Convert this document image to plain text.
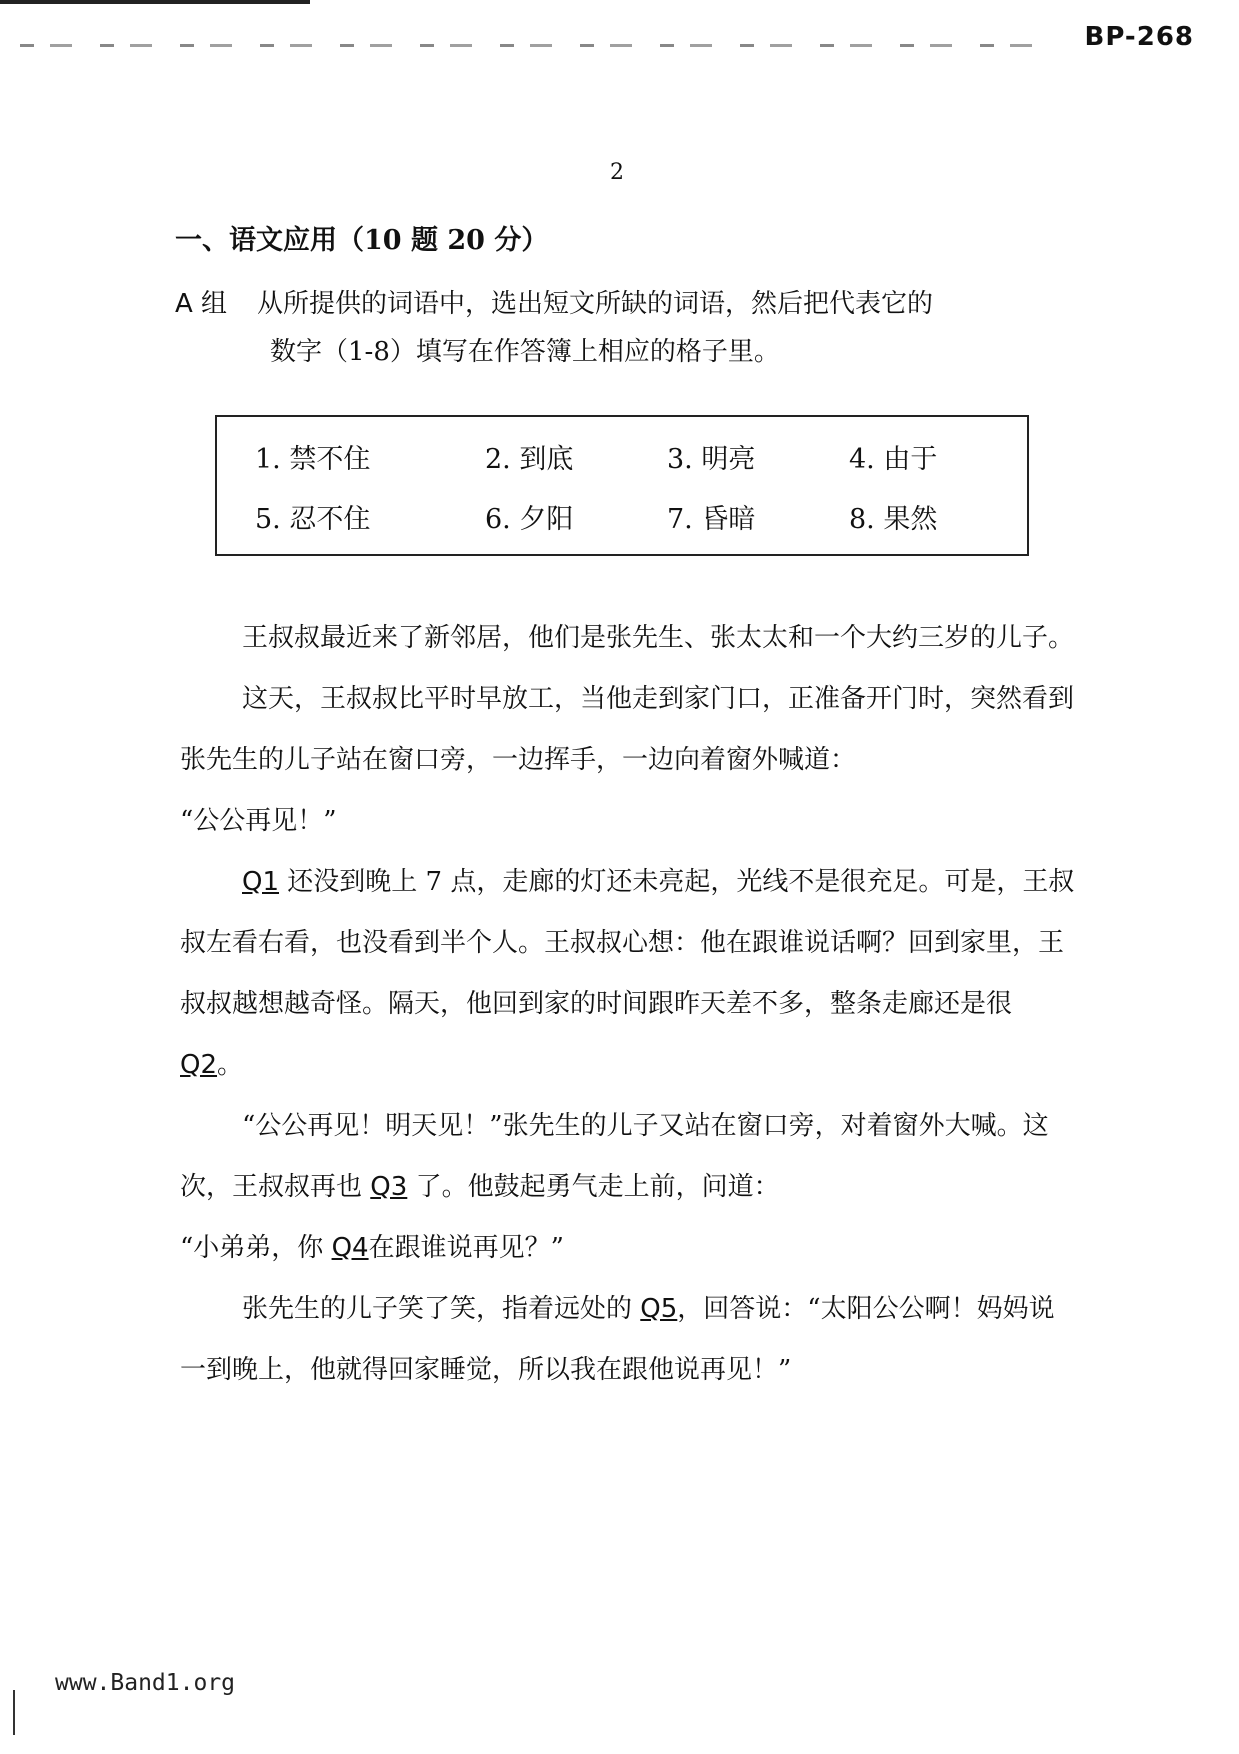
BP-268
2
一、语文应用（10 题 20 分）
A 组 从所提供的词语中，选出短文所缺的词语，然后把代表它的
数字（1-8）填写在作答簿上相应的格子里。
1. 禁不住	2. 到底	3. 明亮	4. 由于
5. 忍不住	6. 夕阳	7. 昏暗	8. 果然

王叔叔最近来了新邻居，他们是张先生、张太太和一个大约三岁的儿子。

这天，王叔叔比平时早放工，当他走到家门口，正准备开门时，突然看到张先生的儿子站在窗口旁，一边挥手，一边向着窗外喊道：

“公公再见！”

Q1 还没到晚上 7 点，走廊的灯还未亮起，光线不是很充足。可是，王叔叔左看右看，也没看到半个人。王叔叔心想：他在跟谁说话啊？回到家里，王叔叔越想越奇怪。隔天，他回到家的时间跟昨天差不多，整条走廊还是很 Q2。

“公公再见！明天见！”张先生的儿子又站在窗口旁，对着窗外大喊。这次，王叔叔再也 Q3 了。他鼓起勇气走上前，问道：

“小弟弟，你 Q4在跟谁说再见？”

张先生的儿子笑了笑，指着远处的 Q5，回答说：“太阳公公啊！妈妈说一到晚上，他就得回家睡觉，所以我在跟他说再见！”

www.Band1.org
